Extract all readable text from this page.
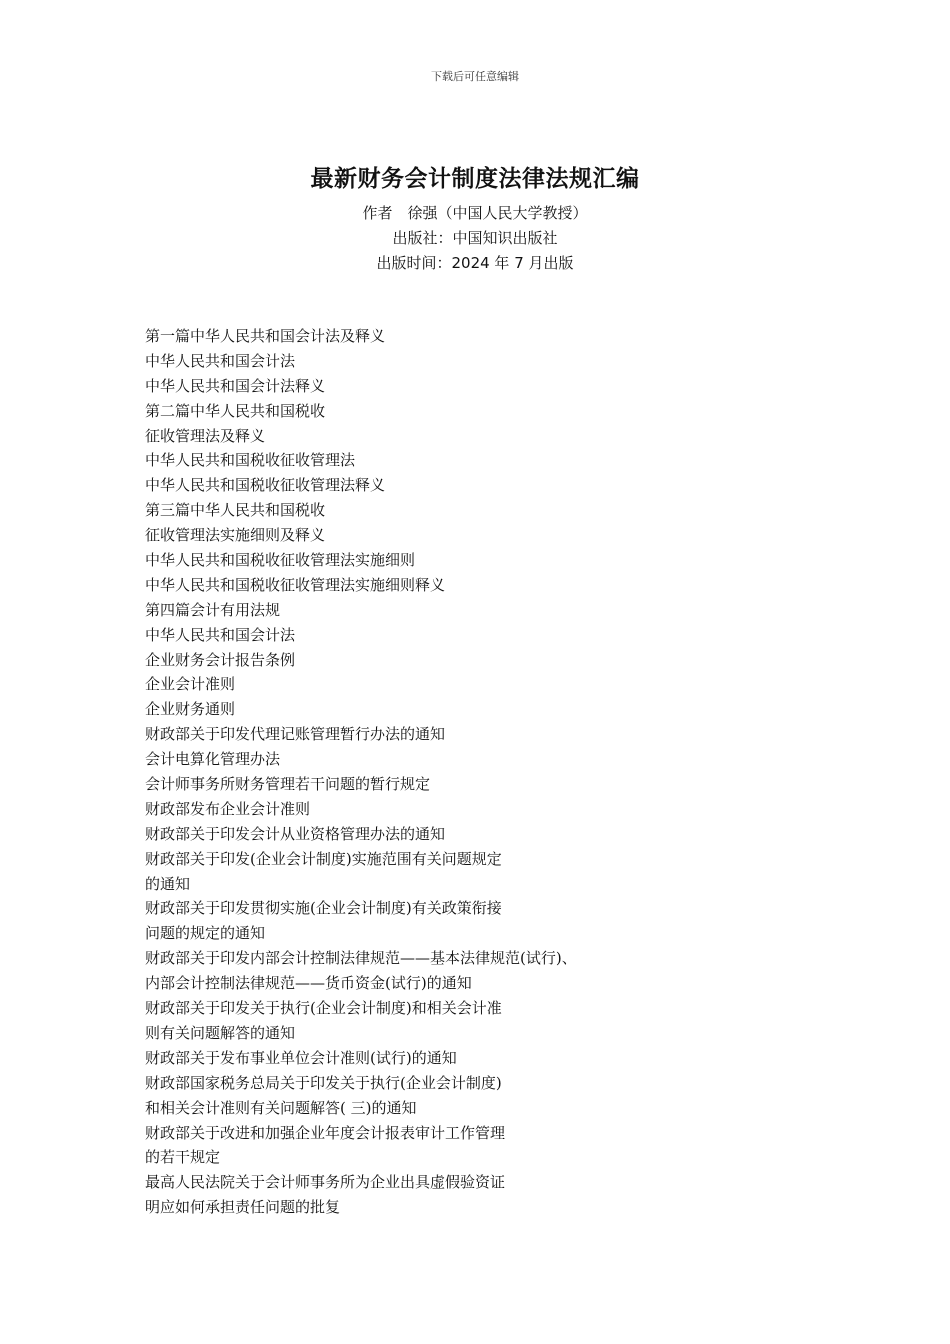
下载后可任意编辑
最新财务会计制度法律法规汇编
作者　徐强（中国人民大学教授）
出版社：中国知识出版社
出版时间：2024 年 7 月出版
第一篇中华人民共和国会计法及释义
中华人民共和国会计法
中华人民共和国会计法释义
第二篇中华人民共和国税收
征收管理法及释义
中华人民共和国税收征收管理法
中华人民共和国税收征收管理法释义
第三篇中华人民共和国税收
征收管理法实施细则及释义
中华人民共和国税收征收管理法实施细则
中华人民共和国税收征收管理法实施细则释义
第四篇会计有用法规
中华人民共和国会计法
企业财务会计报告条例
企业会计准则
企业财务通则
财政部关于印发代理记账管理暂行办法的通知
会计电算化管理办法
会计师事务所财务管理若干问题的暂行规定
财政部发布企业会计准则
财政部关于印发会计从业资格管理办法的通知
财政部关于印发(企业会计制度)实施范围有关问题规定
的通知
财政部关于印发贯彻实施(企业会计制度)有关政策衔接
问题的规定的通知
财政部关于印发内部会计控制法律规范——基本法律规范(试行)、
内部会计控制法律规范——货币资金(试行)的通知
财政部关于印发关于执行(企业会计制度)和相关会计准
则有关问题解答的通知
财政部关于发布事业单位会计准则(试行)的通知
财政部国家税务总局关于印发关于执行(企业会计制度)
和相关会计准则有关问题解答( 三)的通知
财政部关于改进和加强企业年度会计报表审计工作管理
的若干规定
最高人民法院关于会计师事务所为企业出具虚假验资证
明应如何承担责任问题的批复
